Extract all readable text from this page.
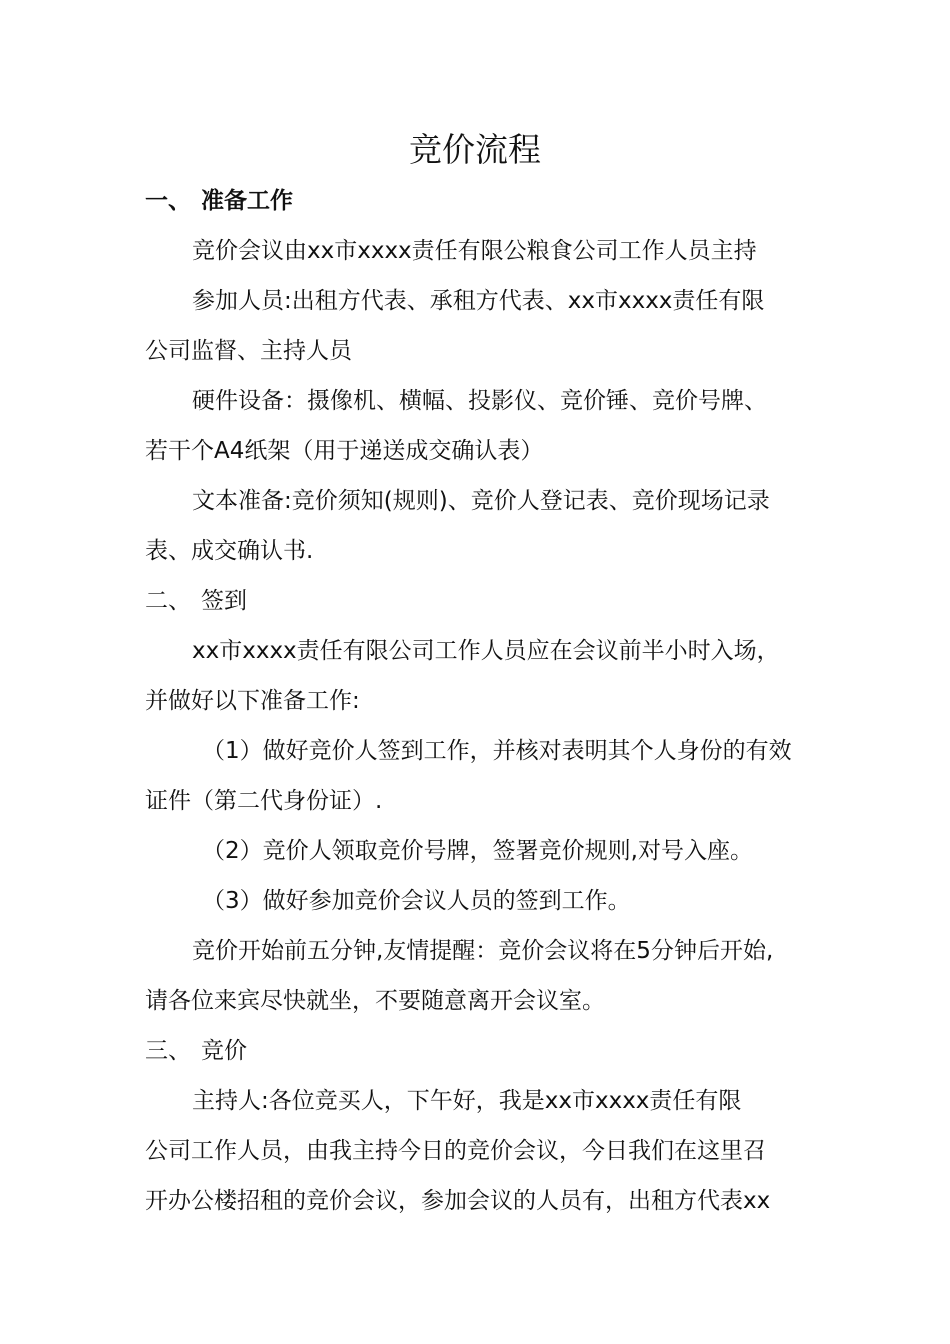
竞价流程
一、 准备工作
竞价会议由xx市xxxx责任有限公粮食公司工作人员主持
参加人员:出租方代表、承租方代表、xx市xxxx责任有限
公司监督、主持人员
硬件设备：摄像机、横幅、投影仪、竞价锤、竞价号牌、
若干个A4纸架（用于递送成交确认表）
文本准备:竞价须知(规则)、竞价人登记表、竞价现场记录
表、成交确认书.
二、 签到
xx市xxxx责任有限公司工作人员应在会议前半小时入场，
并做好以下准备工作:
（1）做好竞价人签到工作，并核对表明其个人身份的有效
证件（第二代身份证）.
（2）竞价人领取竞价号牌，签署竞价规则,对号入座。
（3）做好参加竞价会议人员的签到工作。
竞价开始前五分钟,友情提醒：竞价会议将在5分钟后开始,
请各位来宾尽快就坐，不要随意离开会议室。
三、 竞价
主持人:各位竞买人，下午好，我是xx市xxxx责任有限
公司工作人员，由我主持今日的竞价会议，今日我们在这里召
开办公楼招租的竞价会议，参加会议的人员有，出租方代表xx
